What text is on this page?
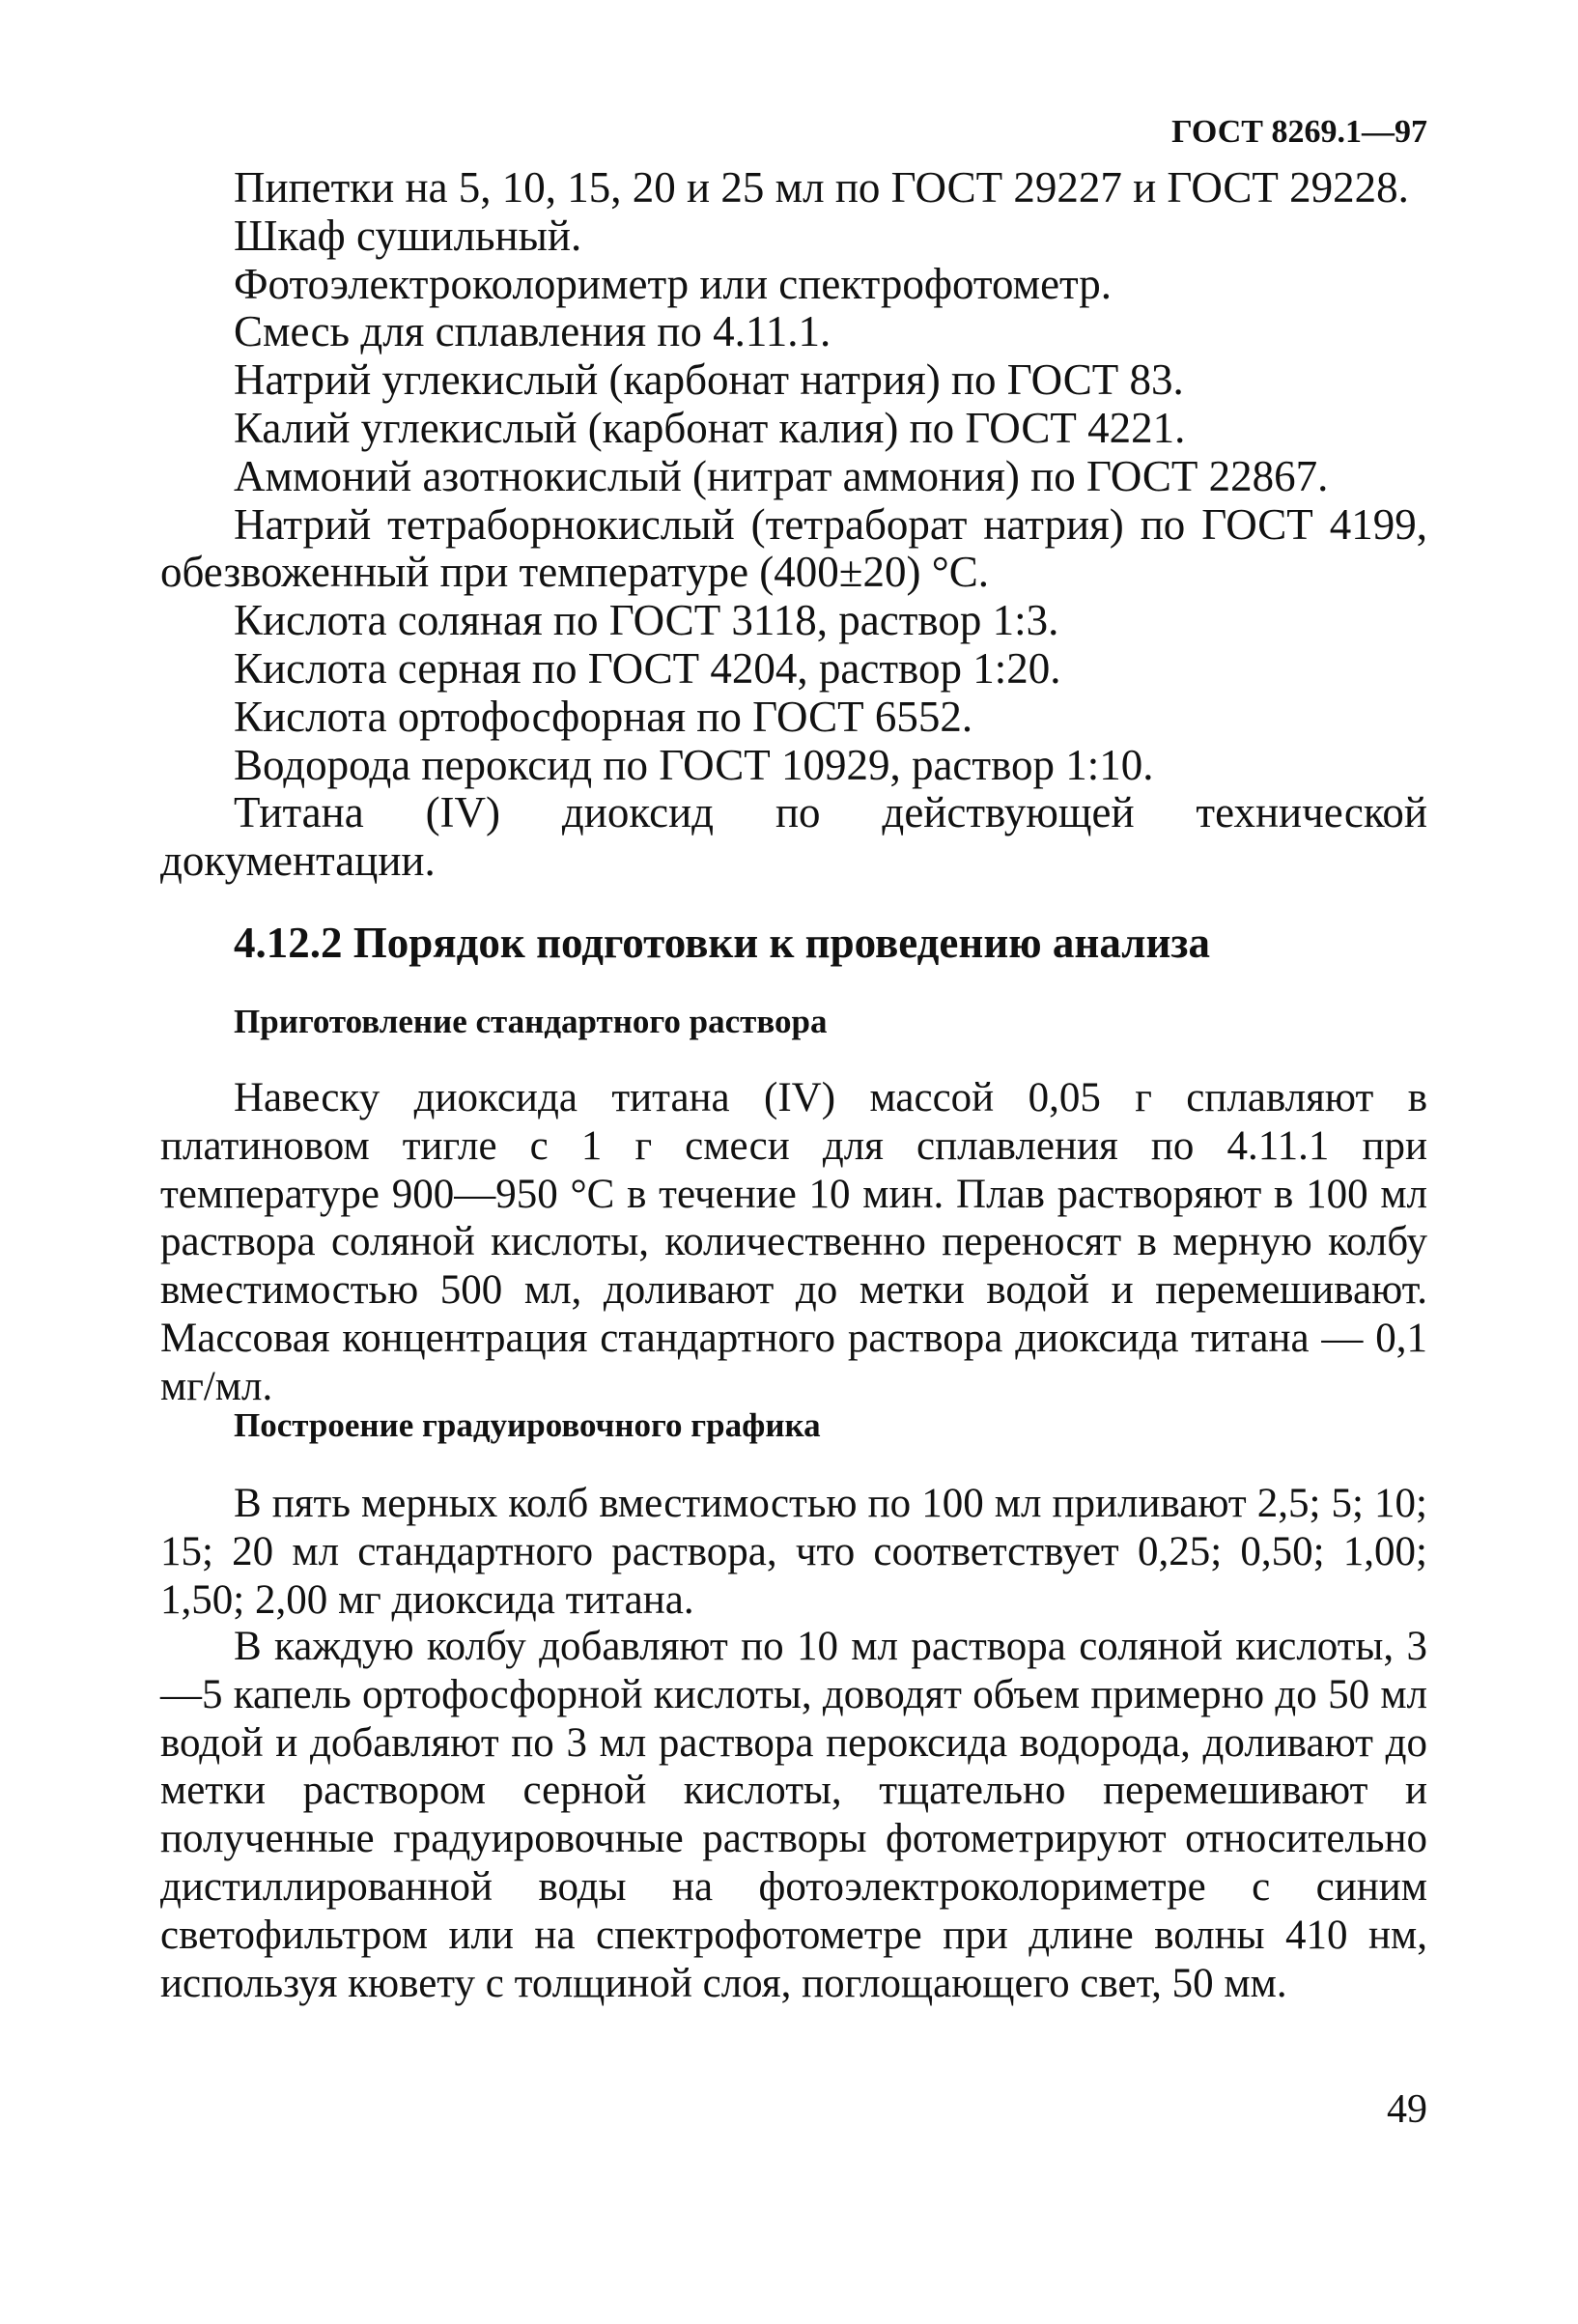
ГОСТ 8269.1—97

Пипетки на 5, 10, 15, 20 и 25 мл по ГОСТ 29227 и ГОСТ 29228.

Шкаф сушильный.

Фотоэлектроколориметр или спектрофотометр.

Смесь для сплавления по 4.11.1.

Натрий углекислый (карбонат натрия) по ГОСТ 83.

Калий углекислый (карбонат калия) по ГОСТ 4221.

Аммоний азотнокислый (нитрат аммония) по ГОСТ 22867.

Натрий тетраборнокислый (тетраборат натрия) по ГОСТ 4199, обезвоженный при температуре (400±20) °С.

Кислота соляная по ГОСТ 3118, раствор 1:3.

Кислота серная по ГОСТ 4204, раствор 1:20.

Кислота ортофосфорная по ГОСТ 6552.

Водорода пероксид по ГОСТ 10929, раствор 1:10.

Титана (IV) диоксид по действующей технической документации.

4.12.2 Порядок подготовки к проведению анализа
Приготовление стандартного раствора

Навеску диоксида титана (IV) массой 0,05 г сплавляют в платиновом тигле с 1 г смеси для сплавления по 4.11.1 при температуре 900—950 °С в течение 10 мин. Плав растворяют в 100 мл раствора соляной кислоты, количественно переносят в мерную колбу вместимостью 500 мл, доливают до метки водой и перемешивают. Массовая концентрация стандартного раствора диоксида титана — 0,1 мг/мл.

Построение градуировочного графика

В пять мерных колб вместимостью по 100 мл приливают 2,5; 5; 10; 15; 20 мл стандартного раствора, что соответствует 0,25; 0,50; 1,00; 1,50; 2,00 мг диоксида титана.

В каждую колбу добавляют по 10 мл раствора соляной кислоты, 3—5 капель ортофосфорной кислоты, доводят объем примерно до 50 мл водой и добавляют по 3 мл раствора пероксида водорода, доливают до метки раствором серной кислоты, тщательно перемешивают и полученные градуировочные растворы фотометрируют относительно дистиллированной воды на фотоэлектроколориметре с синим светофильтром или на спектрофотометре при длине волны 410 нм, используя кювету с толщиной слоя, поглощающего свет, 50 мм.

49
